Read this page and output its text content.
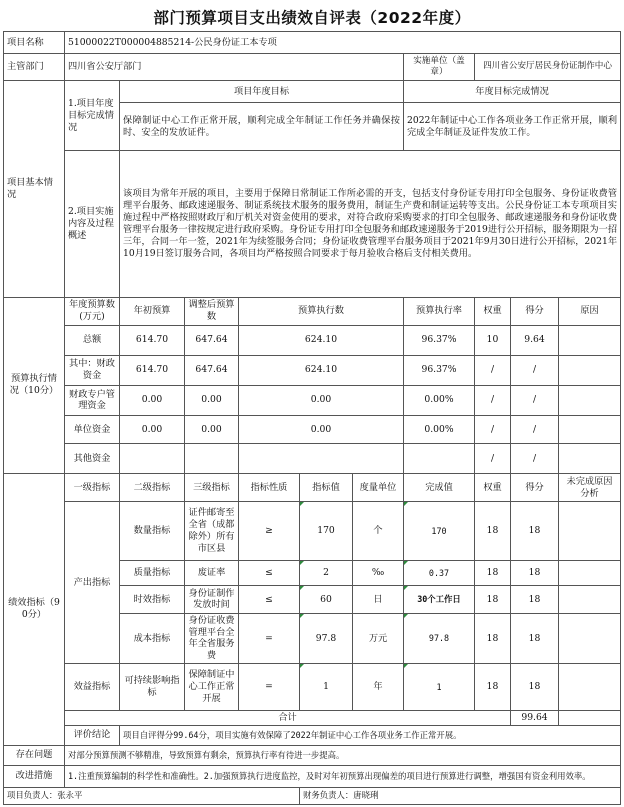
部门预算项目支出绩效自评表（2022年度）
项目名称	51000022T000004885214-公民身份证工本专项									
主管部门	四川省公安厅部门						实施单位（盖章）	四川省公安厅居民身份证制作中心		
项目基本情况	1.项目年度目标完成情况	项目年度目标					年度目标完成情况			
		保障制证中心工作正常开展，顺利完成全年制证工作任务并确保按时、安全的发放证件。					2022年制证中心工作各项业务工作正常开展，顺利完成全年制证及证件发放工作。			
	2.项目实施内容及过程概述	该项目为常年开展的项目，主要用于保障日常制证工作所必需的开支，包括支付身份证专用打印全包服务、身份证收费管理平台服务、邮政速递服务、制证系统技术服务的服务费用，制证生产费和制证运转等支出。公民身份证工本专项项目实施过程中严格按照财政厅和厅机关对资金使用的要求，对符合政府采购要求的打印全包服务、邮政速递服务和身份证收费管理平台服务一律按规定进行政府采购。身份证专用打印全包服务和邮政速递服务于2019进行公开招标，服务期限为一招三年，合同一年一签，2021年为续签服务合同；身份证收费管理平台服务项目于2021年9月30日进行公开招标，2021年10月19日签订服务合同，各项目均严格按照合同要求于每月验收合格后支付相关费用。								
预算执行情况（10分）	年度预算数(万元)	年初预算	调整后预算数	预算执行数			预算执行率	权重	得分	原因
	总额	614.70	647.64	624.10			96.37%	10	9.64	
	其中：财政资金	614.70	647.64	624.10			96.37%	/	/	
	财政专户管理资金	0.00	0.00	0.00			0.00%	/	/	
	单位资金	0.00	0.00	0.00			0.00%	/	/	
	其他资金							/	/	
绩效指标（90分）	一级指标	二级指标	三级指标	指标性质	指标值	度量单位	完成值	权重	得分	未完成原因分析
	产出指标	数量指标	证件邮寄至全省（成都除外）所有市区县	≥	170	个	170	18	18	
		质量指标	废证率	≤	2	‰	0.37	18	18	
		时效指标	身份证制作发放时间	≤	60	日	30个工作日	18	18	
		成本指标	身份证收费管理平台全年全省服务费	=	97.8	万元	97.8	18	18	
	效益指标	可持续影响指标	保障制证中心工作正常开展	=	1	年	1	18	18	
	合计								99.64	
	评价结论	项目自评得分99.64分，项目实施有效保障了2022年制证中心工作各项业务工作正常开展。								
存在问题	对部分预算预测不够精准，导致预算有剩余，预算执行率有待进一步提高。									
改进措施	1.注重预算编制的科学性和准确性。2.加强预算执行进度监控，及时对年初预算出现偏差的项目进行预算进行调整，增强国有资金利用效率。									
项目负责人：张永平					财务负责人：唐晓琍					
